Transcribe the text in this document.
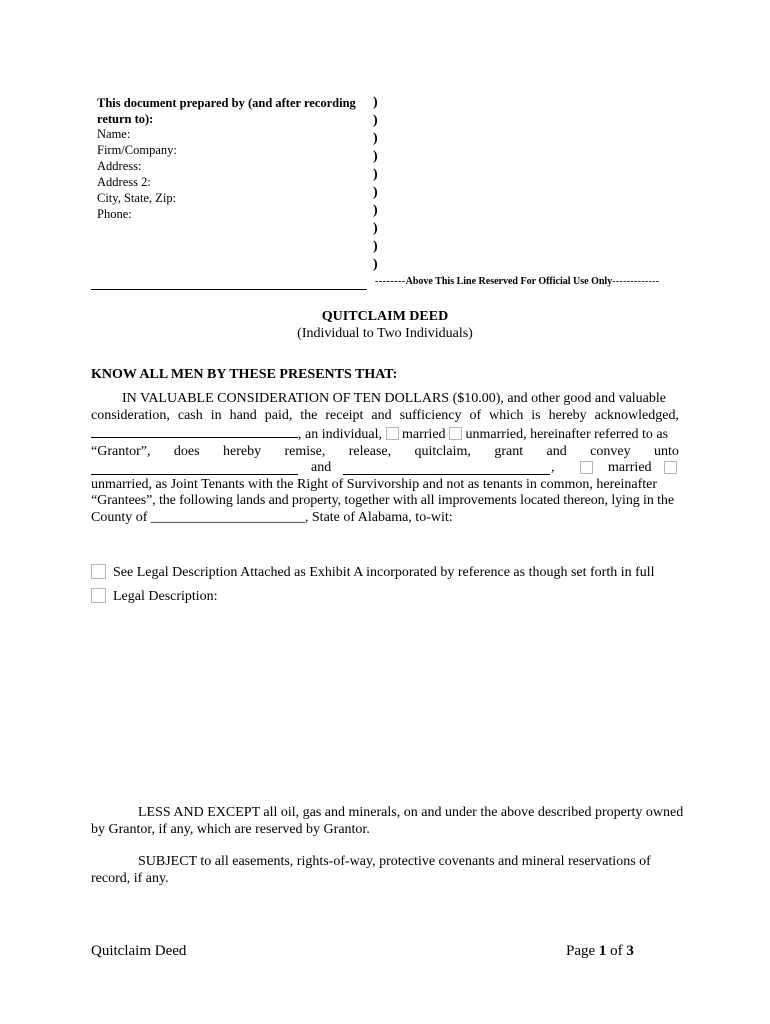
This document prepared by (and after recording
return to):
Name:
Firm/Company:
Address:
Address 2:
City, State, Zip:
Phone:
)
)
)
)
)
)
)
)
)
)
--------Above This Line Reserved For Official Use Only-------------
QUITCLAIM DEED
(Individual to Two Individuals)
KNOW ALL MEN BY THESE PRESENTS THAT:
IN VALUABLE CONSIDERATION OF TEN DOLLARS ($10.00), and other good and valuable
consideration, cash in hand paid, the receipt and sufficiency of which is hereby acknowledged,
, an individual, married unmarried, hereinafter referred to as
“Grantor”, does hereby remise, release, quitclaim, grant and convey unto
and	,	married
unmarried, as Joint Tenants with the Right of Survivorship and not as tenants in common, hereinafter
“Grantees”, the following lands and property, together with all improvements located thereon, lying in the
County of ______________________, State of Alabama, to-wit:
See Legal Description Attached as Exhibit A incorporated by reference as though set forth in full
Legal Description:
LESS AND EXCEPT all oil, gas and minerals, on and under the above described property owned
by Grantor, if any, which are reserved by Grantor.
SUBJECT to all easements, rights-of-way, protective covenants and mineral reservations of
record, if any.
Quitclaim Deed	Page 1 of 3
